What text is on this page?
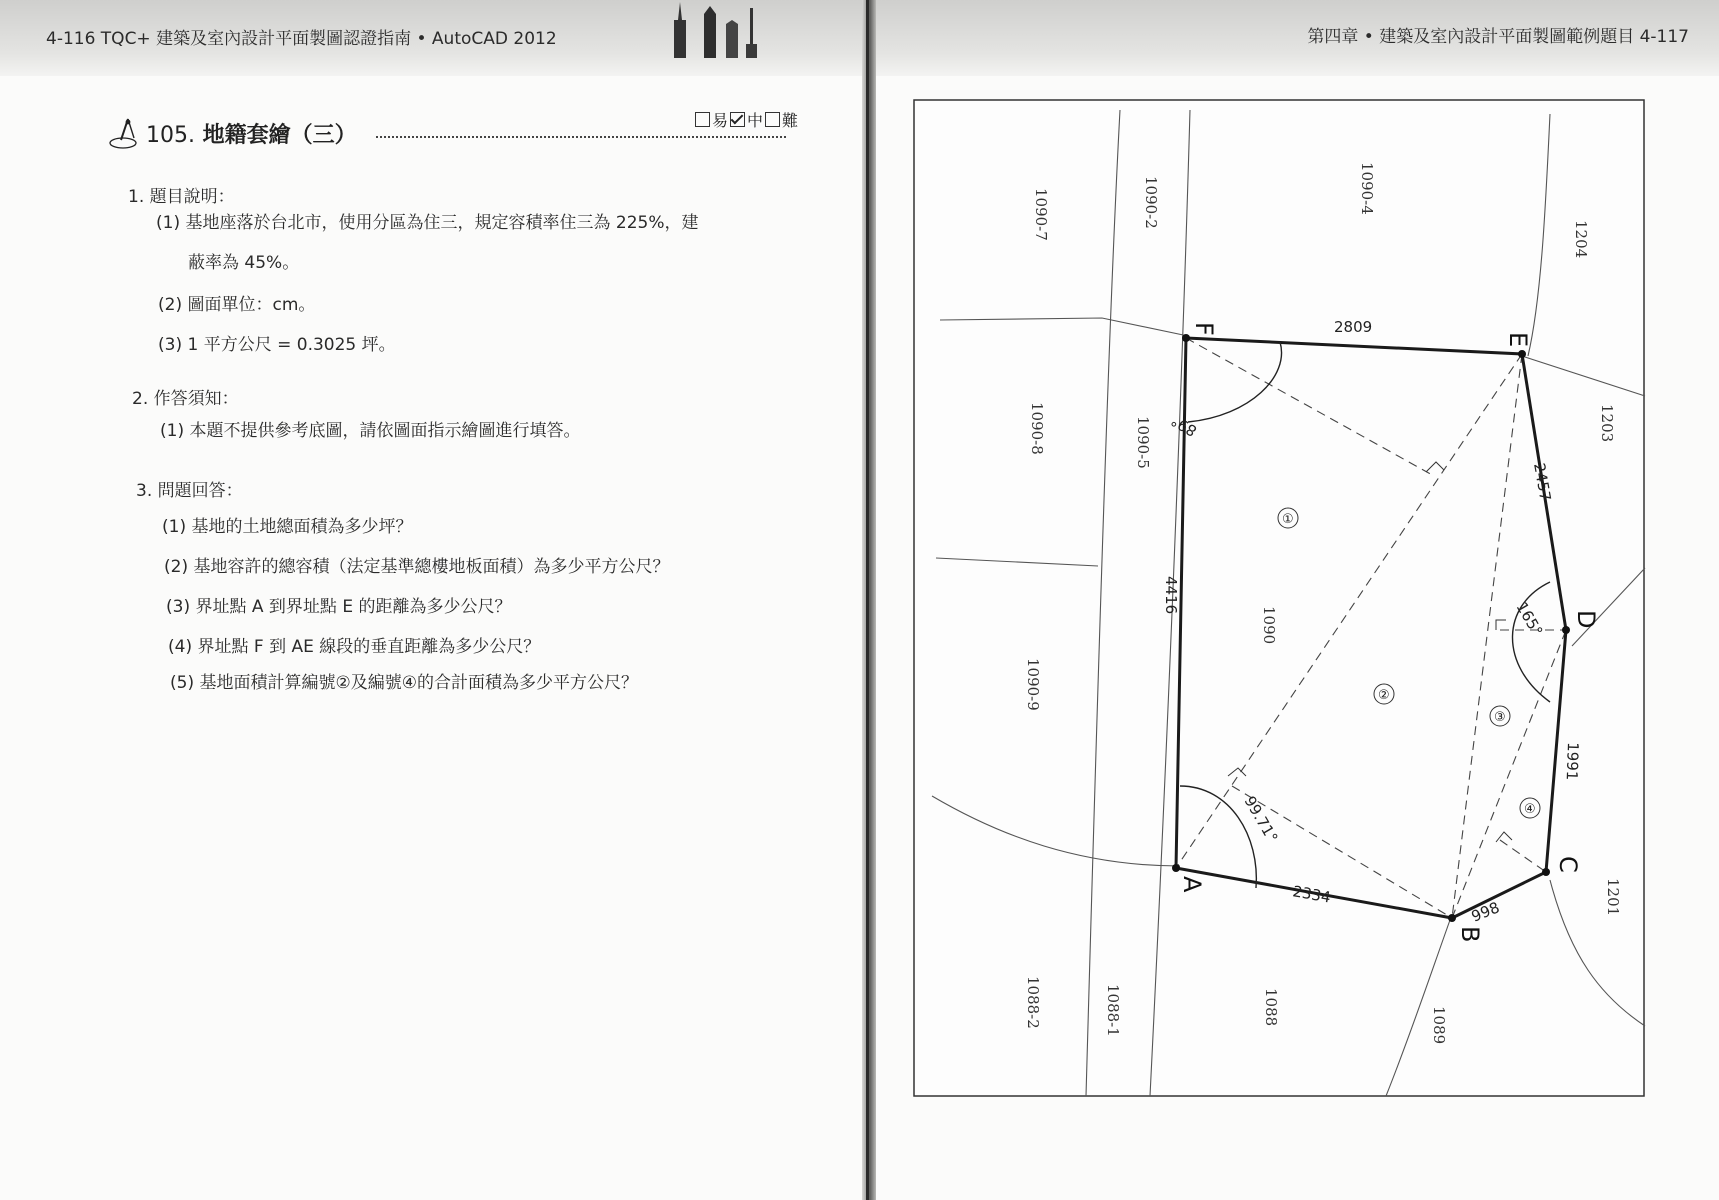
4-116 TQC+ 建築及室內設計平面製圖認證指南 • AutoCAD 2012	第四章 • 建築及室內設計平面製圖範例題目 4-117
105. 地籍套繪（三）
易 中 難
1. 題目說明：
(1) 基地座落於台北市，使用分區為住三，規定容積率住三為 225%，建
蔽率為 45%。
(2) 圖面單位：cm。
(3) 1 平方公尺 = 0.3025 坪。
2. 作答須知：
(1) 本題不提供參考底圖，請依圖面指示繪圖進行填答。
3. 問題回答：
(1) 基地的土地總面積為多少坪？
(2) 基地容許的總容積（法定基準總樓地板面積）為多少平方公尺？
(3) 界址點 A 到界址點 E 的距離為多少公尺？
(4) 界址點 F 到 AE 線段的垂直距離為多少公尺？
(5) 基地面積計算編號②及編號④的合計面積為多少平方公尺？
F
E
D
C
B
A
2809
2457
1991
998
2334
4416
89°
165°
99.71°
①
②
③
④
1090-7	1090-2	1090-4
1204
1090-8	1090-5	1203
1090
1090-9
1201
1088-2	1088-1	1088	1089
